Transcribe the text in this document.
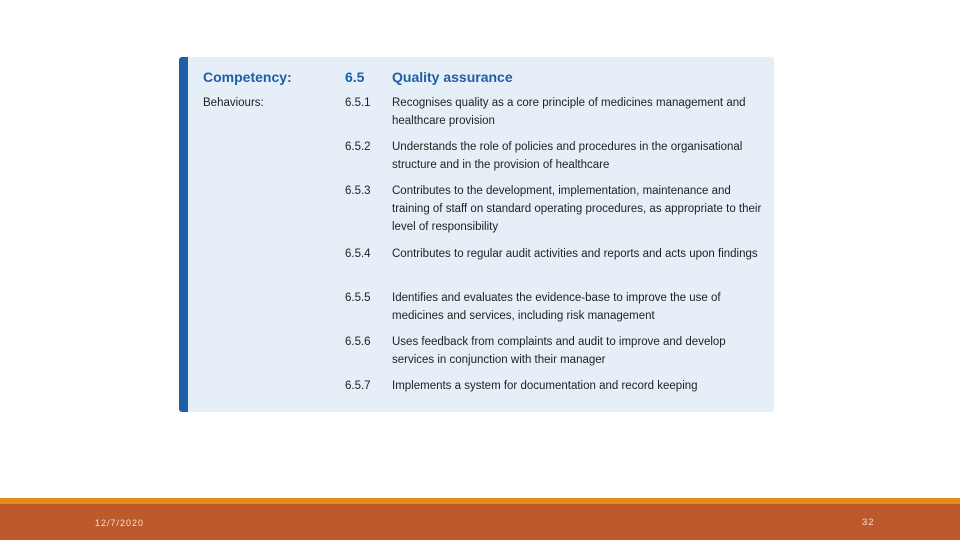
Competency:	6.5 Quality assurance
Behaviours:	6.5.1 Recognises quality as a core principle of medicines management and healthcare provision
6.5.2 Understands the role of policies and procedures in the organisational structure and in the provision of healthcare
6.5.3 Contributes to the development, implementation, maintenance and training of staff on standard operating procedures, as appropriate to their level of responsibility
6.5.4 Contributes to regular audit activities and reports and acts upon findings
6.5.5 Identifies and evaluates the evidence-base to improve the use of medicines and services, including risk management
6.5.6 Uses feedback from complaints and audit to improve and develop services in conjunction with their manager
6.5.7 Implements a system for documentation and record keeping
12/7/2020	32
